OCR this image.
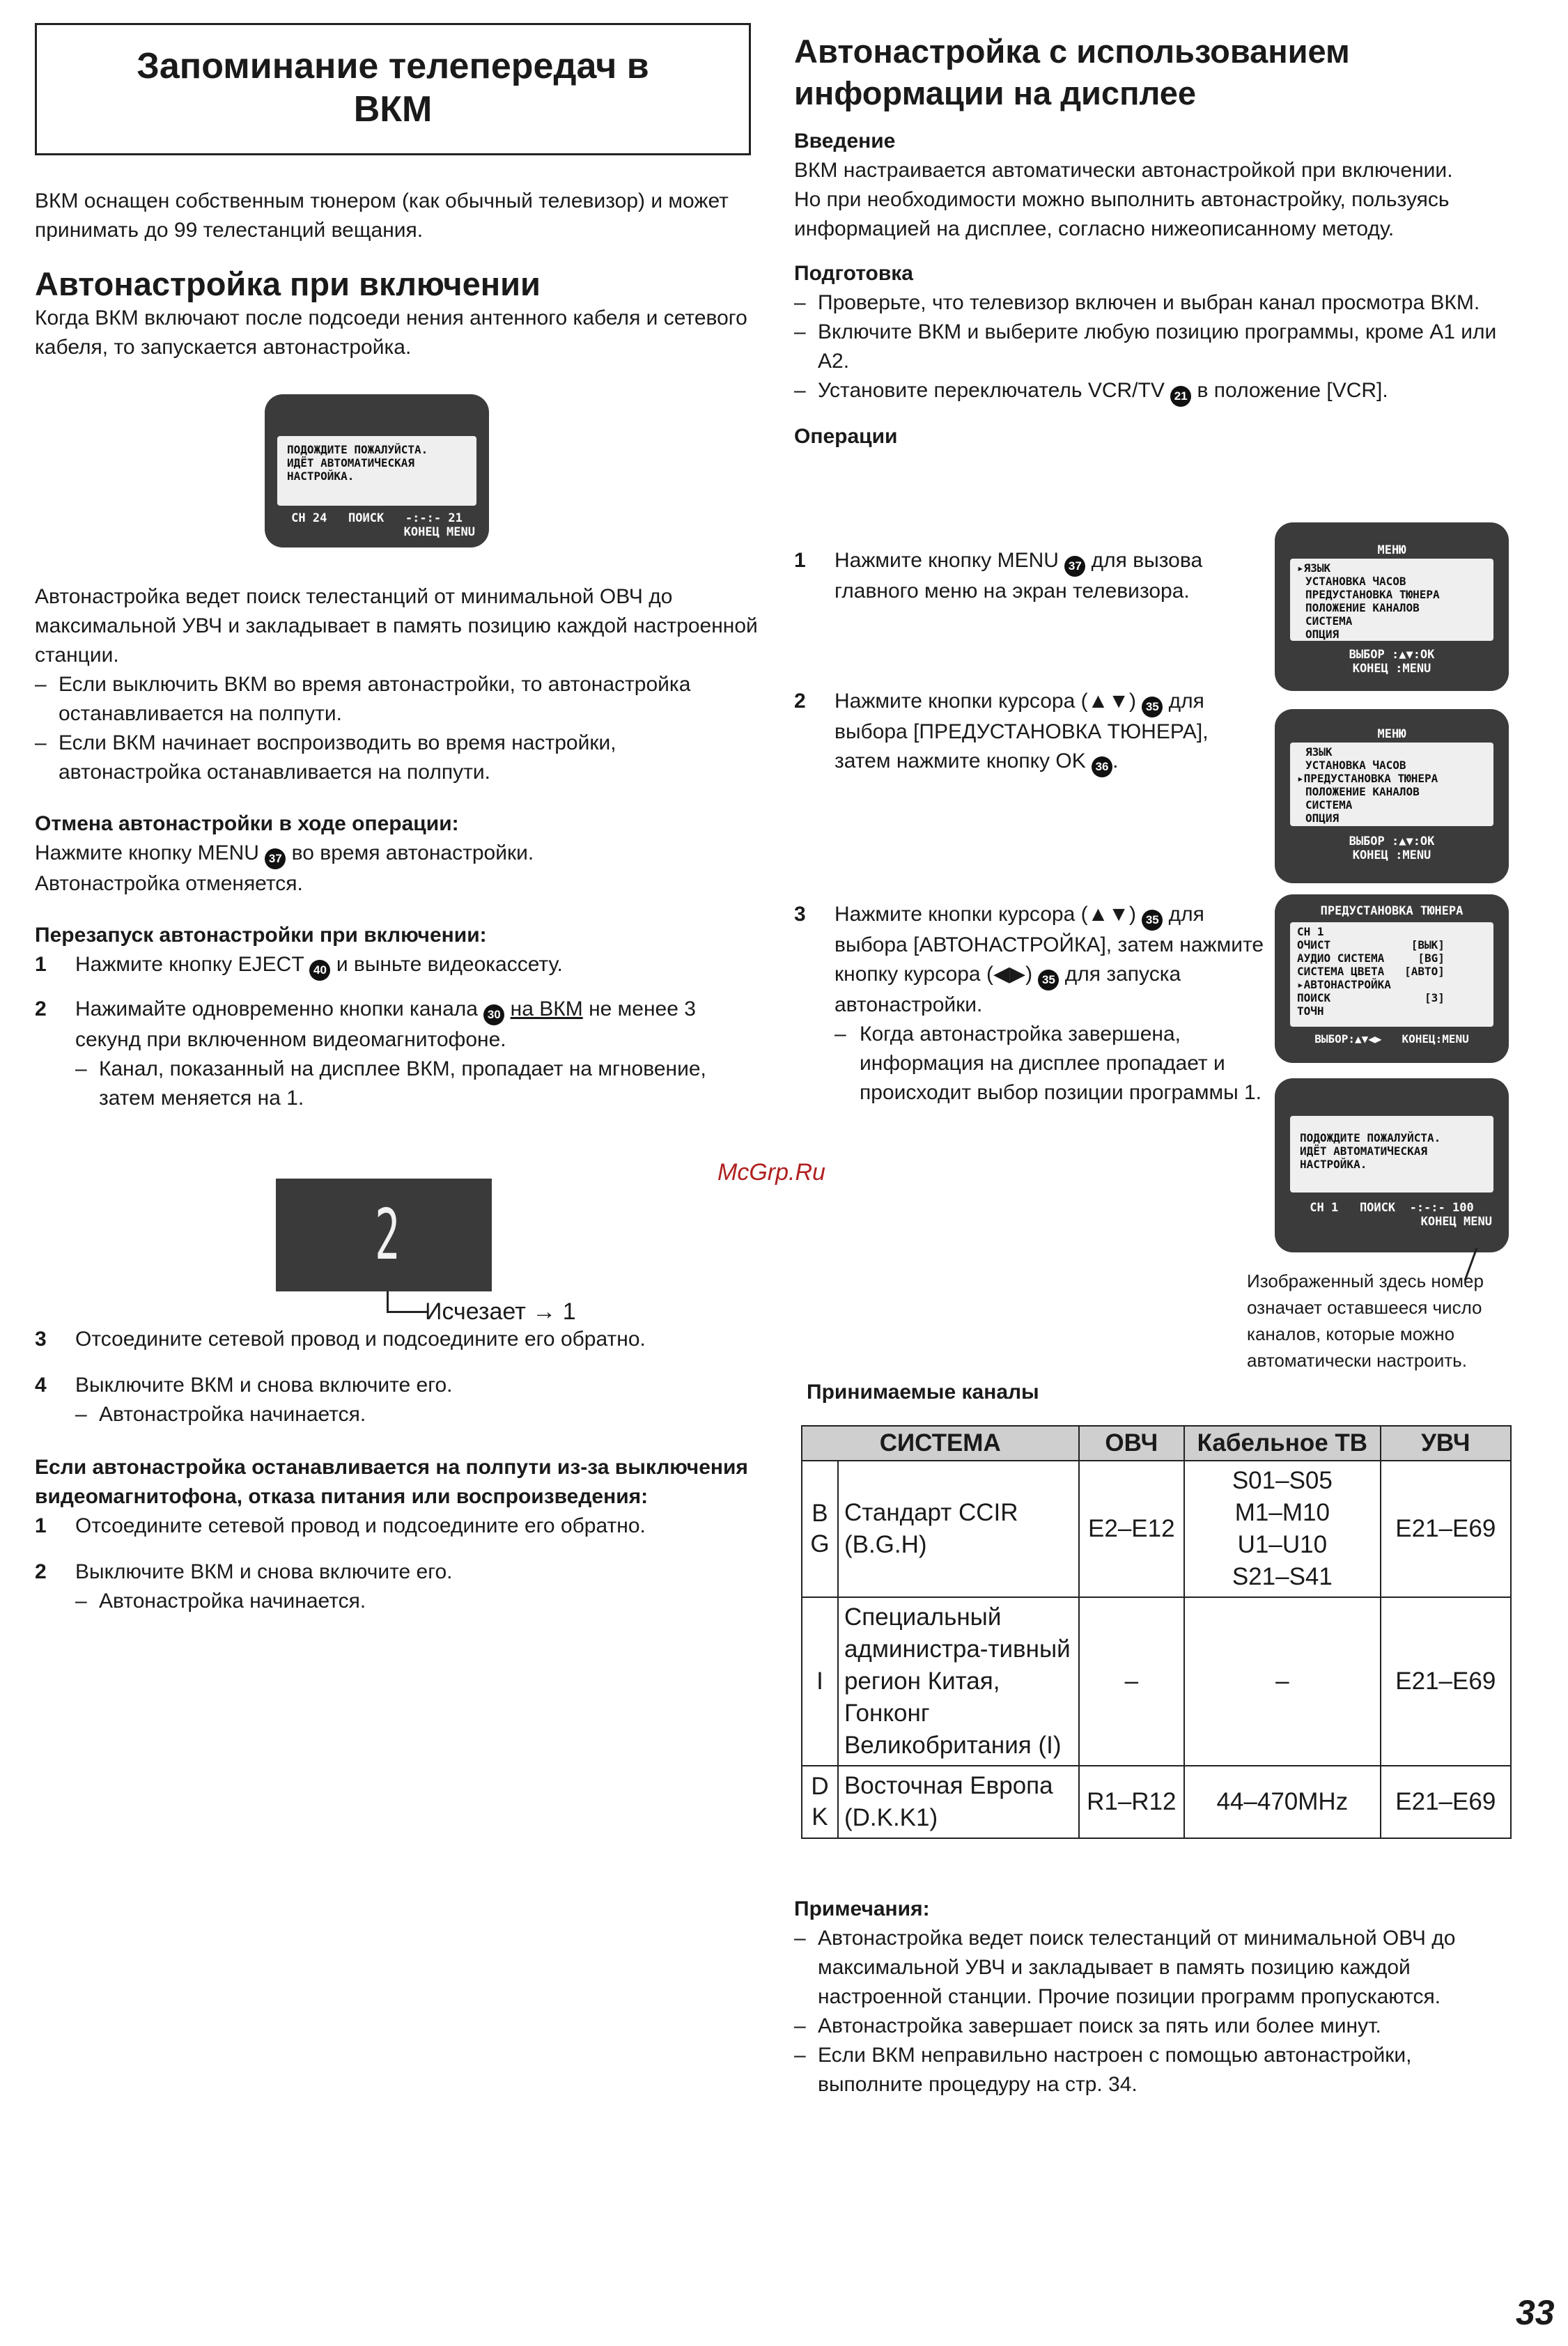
Запоминание телепередач в
ВКМ

ВКМ оснащен собственным тюнером (как обычный телевизор) и может принимать до 99 телестанций вещания.

Автонастройка при включении

Когда ВКМ включают после подсоеди нения антенного кабеля и сетевого кабеля, то запускается автонастройка.

ПОДОЖДИТЕ ПОЖАЛУЙСТА.
ИДЁТ АВТОМАТИЧЕСКАЯ
НАСТРОЙКА.
CH 24   ПОИСК   -:-:- 21
КОНЕЦ MENU

Автонастройка ведет поиск телестанций от минимальной ОВЧ до максимальной УВЧ и закладывает в память позицию каждой настроенной станции.

– Если выключить ВКМ во время автонастройки, то автонастройка останавливается на полпути.

– Если ВКМ начинает воспроизводить во время настройки, автонастройка останавливается на полпути.

Отмена автонастройки в ходе операции:

Нажмите кнопку MENU 37 во время автонастройки.

Автонастройка отменяется.

Перезапуск автонастройки при включении:

1 Нажмите кнопку EJECT 40 и выньте видеокассету.
2 Нажимайте одновременно кнопки канала 30 на ВКМ не менее 3 секунд при включенном видеомагнитофоне.
– Канал, показанный на дисплее ВКМ, пропадает на мгновение, затем меняется на 1.
2
Исчезает → 1
3 Отсоедините сетевой провод и подсоедините его обратно.
4 Выключите ВКМ и снова включите его.
– Автонастройка начинается.

Если автонастройка останавливается на полпути из-за выключения видеомагнитофона, отказа питания или воспроизведения:

1 Отсоедините сетевой провод и подсоедините его обратно.
2 Выключите ВКМ и снова включите его.
– Автонастройка начинается.

Автонастройка с использованием
информации на дисплее

Введение

ВКМ настраивается автоматически автонастройкой при включении.

Но при необходимости можно выполнить автонастройку, пользуясь информацией на дисплее, согласно нижеописанному методу.

Подготовка

– Проверьте, что телевизор включен и выбран канал просмотра ВКМ.

– Включите ВКМ и выберите любую позицию программы, кроме A1 или A2.

– Установите переключатель VCR/TV 21 в положение [VCR].

Операции

1 Нажмите кнопку MENU 37 для вызова главного меню на экран телевизора.
2 Нажмите кнопки курсора (▲▼) 35 для выбора [ПРЕДУСТАНОВКА ТЮНЕРА], затем нажмите кнопку OK 36 .
3 Нажмите кнопки курсора (▲▼) 35 для выбора [АВТОНАСТРОЙКА], затем нажмите кнопку курсора (◀▶) 35 для запуска автонастройки.
– Когда автонастройка завершена, информация на дисплее пропадает и происходит выбор позиции программы 1.
МЕНЮ
▸ЯЗЫК
УСТАНОВКА ЧАСОВ
ПРЕДУСТАНОВКА ТЮНЕРА
ПОЛОЖЕНИЕ КАНАЛОВ
СИСТЕМА
ОПЦИЯ
ВЫБОР :▲▼:OK
КОНЕЦ :MENU
МЕНЮ
ЯЗЫК
УСТАНОВКА ЧАСОВ
▸ПРЕДУСТАНОВКА ТЮНЕРА
ПОЛОЖЕНИЕ КАНАЛОВ
СИСТЕМА
ОПЦИЯ
ВЫБОР :▲▼:OK
КОНЕЦ :MENU
ПРЕДУСТАНОВКА ТЮНЕРА
CH 1
ОЧИСТ            [ВЫК]
АУДИО СИСТЕМА     [BG]
СИСТЕМА ЦВЕТА   [АВТО]
▸АВТОНАСТРОЙКА
ПОИСК              [3]
ТОЧН
ВЫБОР:▲▼◀▶   КОНЕЦ:MENU
ПОДОЖДИТЕ ПОЖАЛУЙСТА.
ИДЁТ АВТОМАТИЧЕСКАЯ
НАСТРОЙКА.
CH 1   ПОИСК  -:-:- 100
КОНЕЦ MENU
Изображенный здесь номер означает оставшееся число каналов, которые можно автоматически настроить.
McGrp.Ru
Принимаемые каналы
СИСТЕМА		ОВЧ	Кабельное ТВ	УВЧ
B G	Стандарт CCIR (B.G.H)	E2–E12	S01–S05 M1–M10 U1–U10 S21–S41	E21–E69
I	Специальный администра-тивный регион Китая, Гонконг Великобритания (I)	–	–	E21–E69
D K	Восточная Европа (D.K.K1)	R1–R12	44–470MHz	E21–E69

Примечания:

– Автонастройка ведет поиск телестанций от минимальной ОВЧ до максимальной УВЧ и закладывает в память позицию каждой настроенной станции. Прочие позиции программ пропускаются.

– Автонастройка завершает поиск за пять или более минут.

– Если ВКМ неправильно настроен с помощью автонастройки, выполните процедуру на стр. 34.

33
